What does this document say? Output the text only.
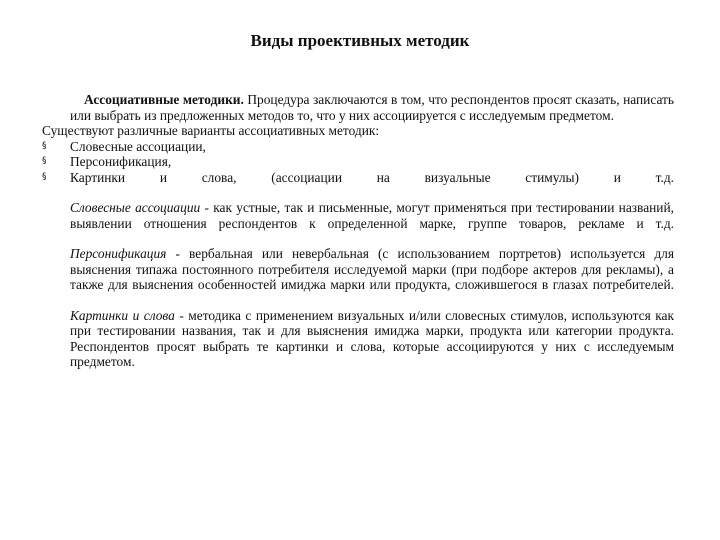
Виды проективных методик

Ассоциативные методики. Процедура заключаются в том, что респондентов просят сказать, написать или выбрать из предложенных методов то, что у них ассоциируется с исследуемым предметом.

Существуют различные варианты ассоциативных методик:

§ Словесные ассоциации,
§ Персонификация,
§ Картинки и слова, (ассоциации на визуальные стимулы) и т.д.

Словесные ассоциации - как устные, так и письменные, могут применяться при тестировании названий, выявлении отношения респондентов к определенной марке, группе товаров, рекламе и т.д.

Персонификация - вербальная или невербальная (с использованием портретов) используется для выяснения типажа постоянного потребителя исследуемой марки (при подборе актеров для рекламы), а также для выяснения особенностей имиджа марки или продукта, сложившегося в глазах потребителей.

Картинки и слова - методика с применением визуальных и/или словесных стимулов, используются как при тестировании названия, так и для выяснения имиджа марки, продукта или категории продукта. Респондентов просят выбрать те картинки и слова, которые ассоциируются у них с исследуемым предметом.
